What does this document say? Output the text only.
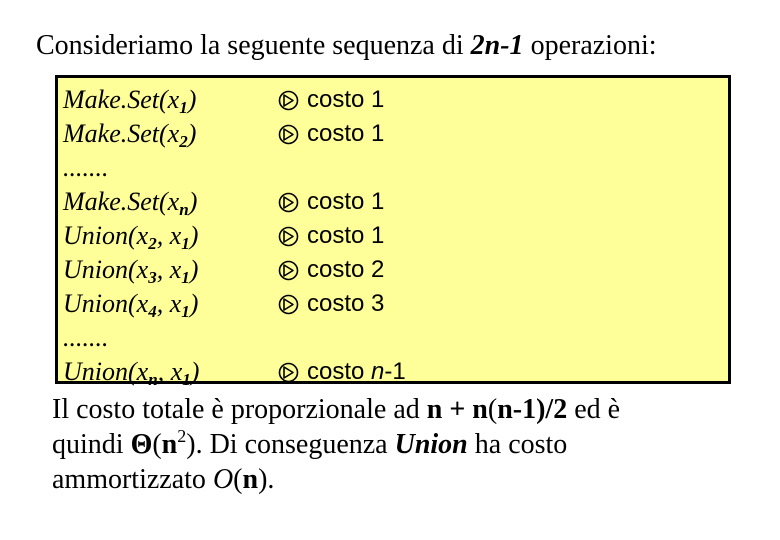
Consideriamo la seguente sequenza di 2n-1 operazioni:
$Make.Set(x_1)$	costo 1
$Make.Set(x_2)$	costo 1
.......
$Make.Set(x_n)$	costo 1
$Union(x_2$, $x_1$)	costo 1
$Union(x_3$, $x_1$)	costo 2
$Union(x_4$, $x_1$)	costo 3
.......
$Union(x_n$, $x_1$)	costo n-1
Il costo totale è proporzionale ad n + n(n-1)/2 ed è
quindi $\Theta(n^2)$. Di conseguenza Union ha costo
ammortizzato O(n).
